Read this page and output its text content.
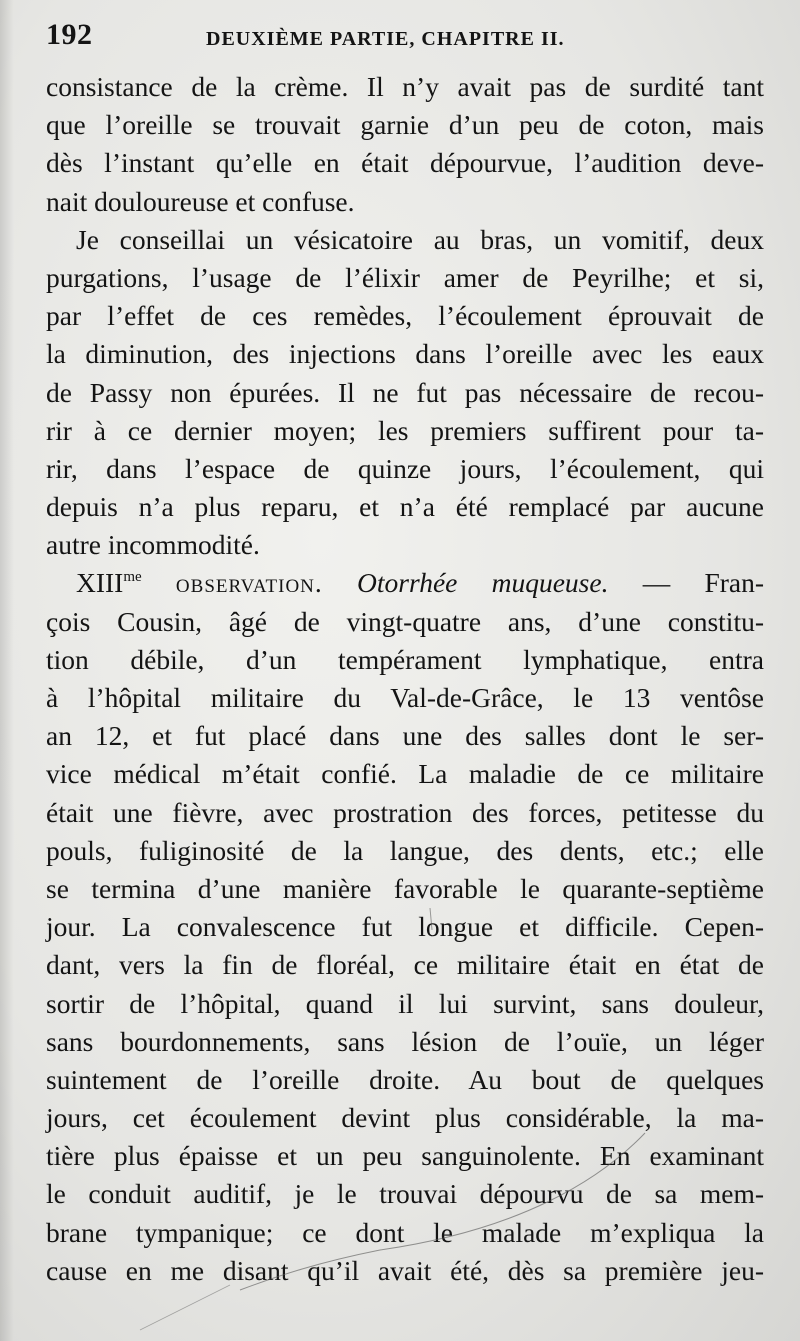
192	DEUXIÈME PARTIE, CHAPITRE II.
consistance de la crème. Il n’y avait pas de surdité tant
que l’oreille se trouvait garnie d’un peu de coton, mais
dès l’instant qu’elle en était dépourvue, l’audition deve-
nait douloureuse et confuse.
Je conseillai un vésicatoire au bras, un vomitif, deux
purgations, l’usage de l’élixir amer de Peyrilhe; et si,
par l’effet de ces remèdes, l’écoulement éprouvait de
la diminution, des injections dans l’oreille avec les eaux
de Passy non épurées. Il ne fut pas nécessaire de recou-
rir à ce dernier moyen; les premiers suffirent pour ta-
rir, dans l’espace de quinze jours, l’écoulement, qui
depuis n’a plus reparu, et n’a été remplacé par aucune
autre incommodité.
$XIII^{me}$ observation. Otorrhée muqueuse. — Fran-
çois Cousin, âgé de vingt-quatre ans, d’une constitu-
tion débile, d’un tempérament lymphatique, entra
à l’hôpital militaire du Val-de-Grâce, le 13 ventôse
an 12, et fut placé dans une des salles dont le ser-
vice médical m’était confié. La maladie de ce militaire
était une fièvre, avec prostration des forces, petitesse du
pouls, fuliginosité de la langue, des dents, etc.; elle
se termina d’une manière favorable le quarante-septième
jour. La convalescence fut longue et difficile. Cepen-
dant, vers la fin de floréal, ce militaire était en état de
sortir de l’hôpital, quand il lui survint, sans douleur,
sans bourdonnements, sans lésion de l’ouïe, un léger
suintement de l’oreille droite. Au bout de quelques
jours, cet écoulement devint plus considérable, la ma-
tière plus épaisse et un peu sanguinolente. En examinant
le conduit auditif, je le trouvai dépourvu de sa mem-
brane tympanique; ce dont le malade m’expliqua la
cause en me disant qu’il avait été, dès sa première jeu-
